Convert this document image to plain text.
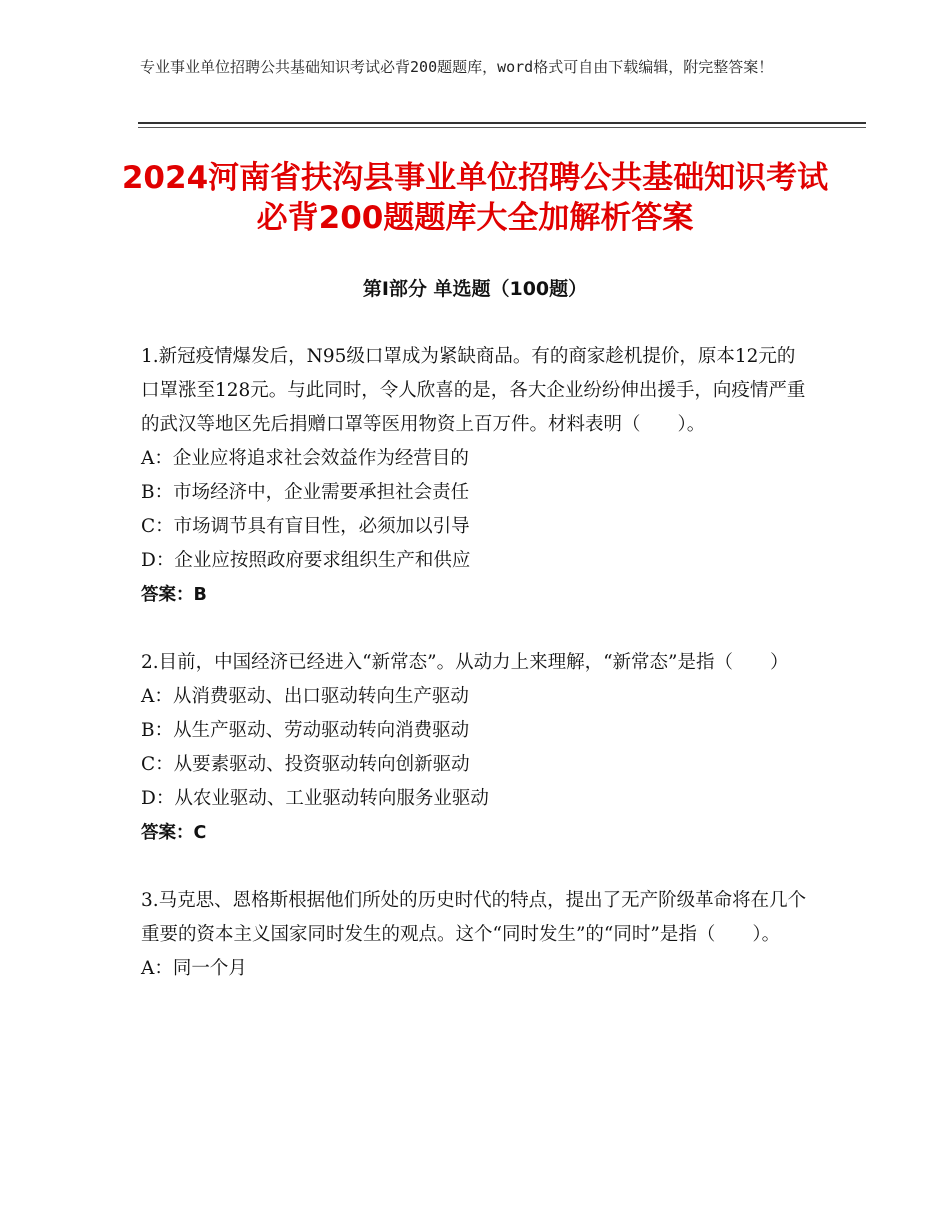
专业事业单位招聘公共基础知识考试必背200题题库，word格式可自由下载编辑，附完整答案！
2024河南省扶沟县事业单位招聘公共基础知识考试必背200题题库大全加解析答案
第I部分 单选题（100题）

1.新冠疫情爆发后，N95级口罩成为紧缺商品。有的商家趁机提价，原本12元的口罩涨至128元。与此同时，令人欣喜的是，各大企业纷纷伸出援手，向疫情严重的武汉等地区先后捐赠口罩等医用物资上百万件。材料表明（　　）。

A：企业应将追求社会效益作为经营目的

B：市场经济中，企业需要承担社会责任

C：市场调节具有盲目性，必须加以引导

D：企业应按照政府要求组织生产和供应

答案：B

2.目前，中国经济已经进入“新常态”。从动力上来理解，“新常态”是指（　　）

A：从消费驱动、出口驱动转向生产驱动

B：从生产驱动、劳动驱动转向消费驱动

C：从要素驱动、投资驱动转向创新驱动

D：从农业驱动、工业驱动转向服务业驱动

答案：C

3.马克思、恩格斯根据他们所处的历史时代的特点，提出了无产阶级革命将在几个重要的资本主义国家同时发生的观点。这个“同时发生”的“同时”是指（　　）。

A：同一个月
